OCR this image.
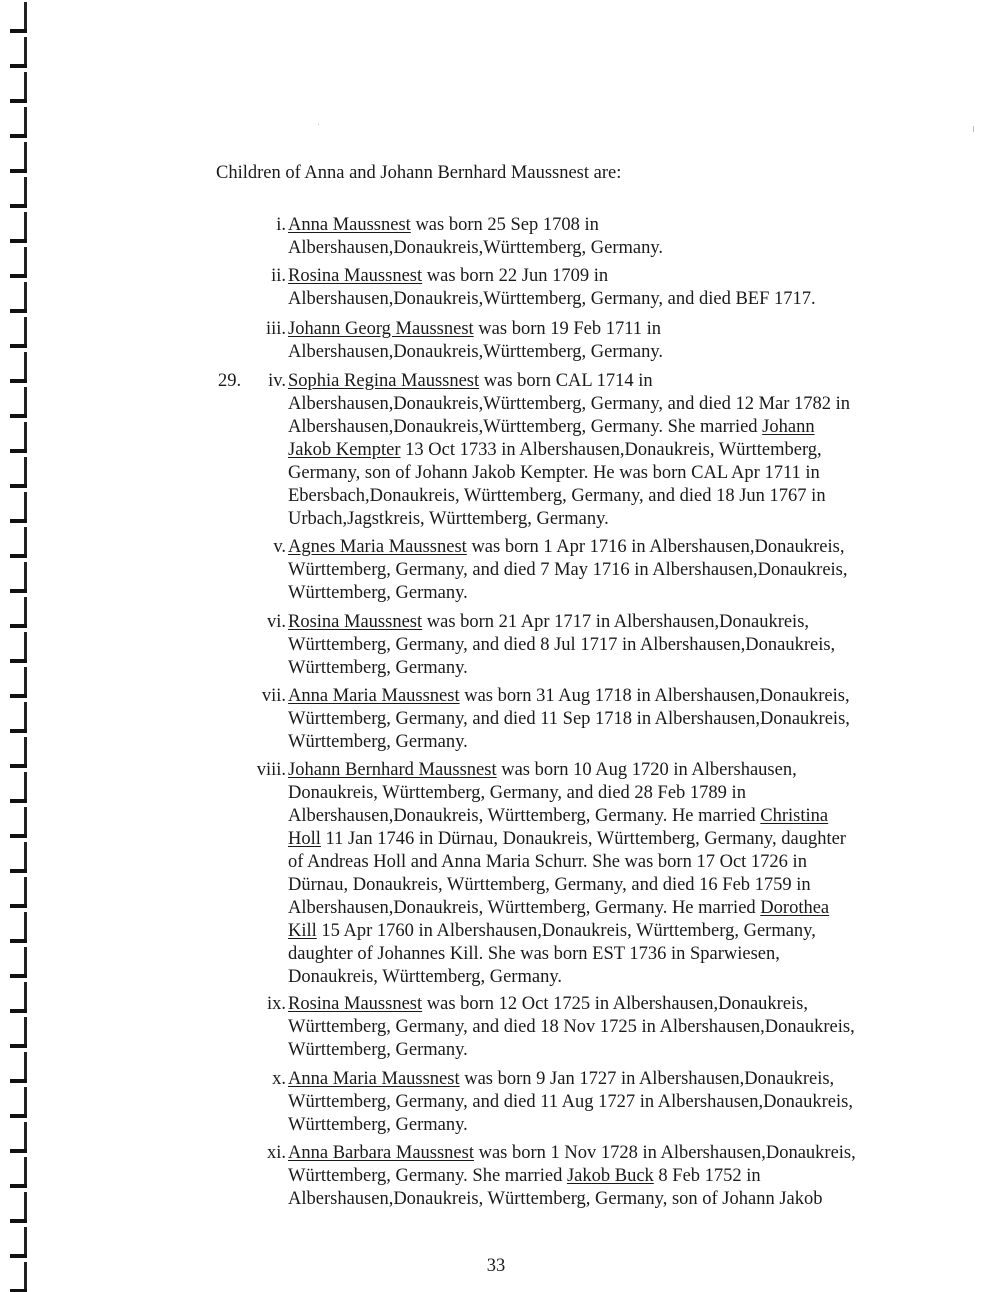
Children of Anna and Johann Bernhard Maussnest are:
i. Anna Maussnest was born 25 Sep 1708 in
Albershausen,Donaukreis,Württemberg, Germany.
ii. Rosina Maussnest was born 22 Jun 1709 in
Albershausen,Donaukreis,Württemberg, Germany, and died BEF 1717.
iii. Johann Georg Maussnest was born 19 Feb 1711 in
Albershausen,Donaukreis,Württemberg, Germany.
iv.
29.	Sophia Regina Maussnest was born CAL 1714 in
Albershausen,Donaukreis,Württemberg, Germany, and died 12 Mar 1782 in
Albershausen,Donaukreis,Württemberg, Germany. She married Johann
Jakob Kempter 13 Oct 1733 in Albershausen,Donaukreis, Württemberg,
Germany, son of Johann Jakob Kempter. He was born CAL Apr 1711 in
Ebersbach,Donaukreis, Württemberg, Germany, and died 18 Jun 1767 in
Urbach,Jagstkreis, Württemberg, Germany.
v. Agnes Maria Maussnest was born 1 Apr 1716 in Albershausen,Donaukreis,
Württemberg, Germany, and died 7 May 1716 in Albershausen,Donaukreis,
Württemberg, Germany.
vi. Rosina Maussnest was born 21 Apr 1717 in Albershausen,Donaukreis,
Württemberg, Germany, and died 8 Jul 1717 in Albershausen,Donaukreis,
Württemberg, Germany.
vii. Anna Maria Maussnest was born 31 Aug 1718 in Albershausen,Donaukreis,
Württemberg, Germany, and died 11 Sep 1718 in Albershausen,Donaukreis,
Württemberg, Germany.
viii. Johann Bernhard Maussnest was born 10 Aug 1720 in Albershausen,
Donaukreis, Württemberg, Germany, and died 28 Feb 1789 in
Albershausen,Donaukreis, Württemberg, Germany. He married Christina
Holl 11 Jan 1746 in Dürnau, Donaukreis, Württemberg, Germany, daughter
of Andreas Holl and Anna Maria Schurr. She was born 17 Oct 1726 in
Dürnau, Donaukreis, Württemberg, Germany, and died 16 Feb 1759 in
Albershausen,Donaukreis, Württemberg, Germany. He married Dorothea
Kill 15 Apr 1760 in Albershausen,Donaukreis, Württemberg, Germany,
daughter of Johannes Kill. She was born EST 1736 in Sparwiesen,
Donaukreis, Württemberg, Germany.
ix. Rosina Maussnest was born 12 Oct 1725 in Albershausen,Donaukreis,
Württemberg, Germany, and died 18 Nov 1725 in Albershausen,Donaukreis,
Württemberg, Germany.
x. Anna Maria Maussnest was born 9 Jan 1727 in Albershausen,Donaukreis,
Württemberg, Germany, and died 11 Aug 1727 in Albershausen,Donaukreis,
Württemberg, Germany.
xi. Anna Barbara Maussnest was born 1 Nov 1728 in Albershausen,Donaukreis,
Württemberg, Germany. She married Jakob Buck 8 Feb 1752 in
Albershausen,Donaukreis, Württemberg, Germany, son of Johann Jakob
33
